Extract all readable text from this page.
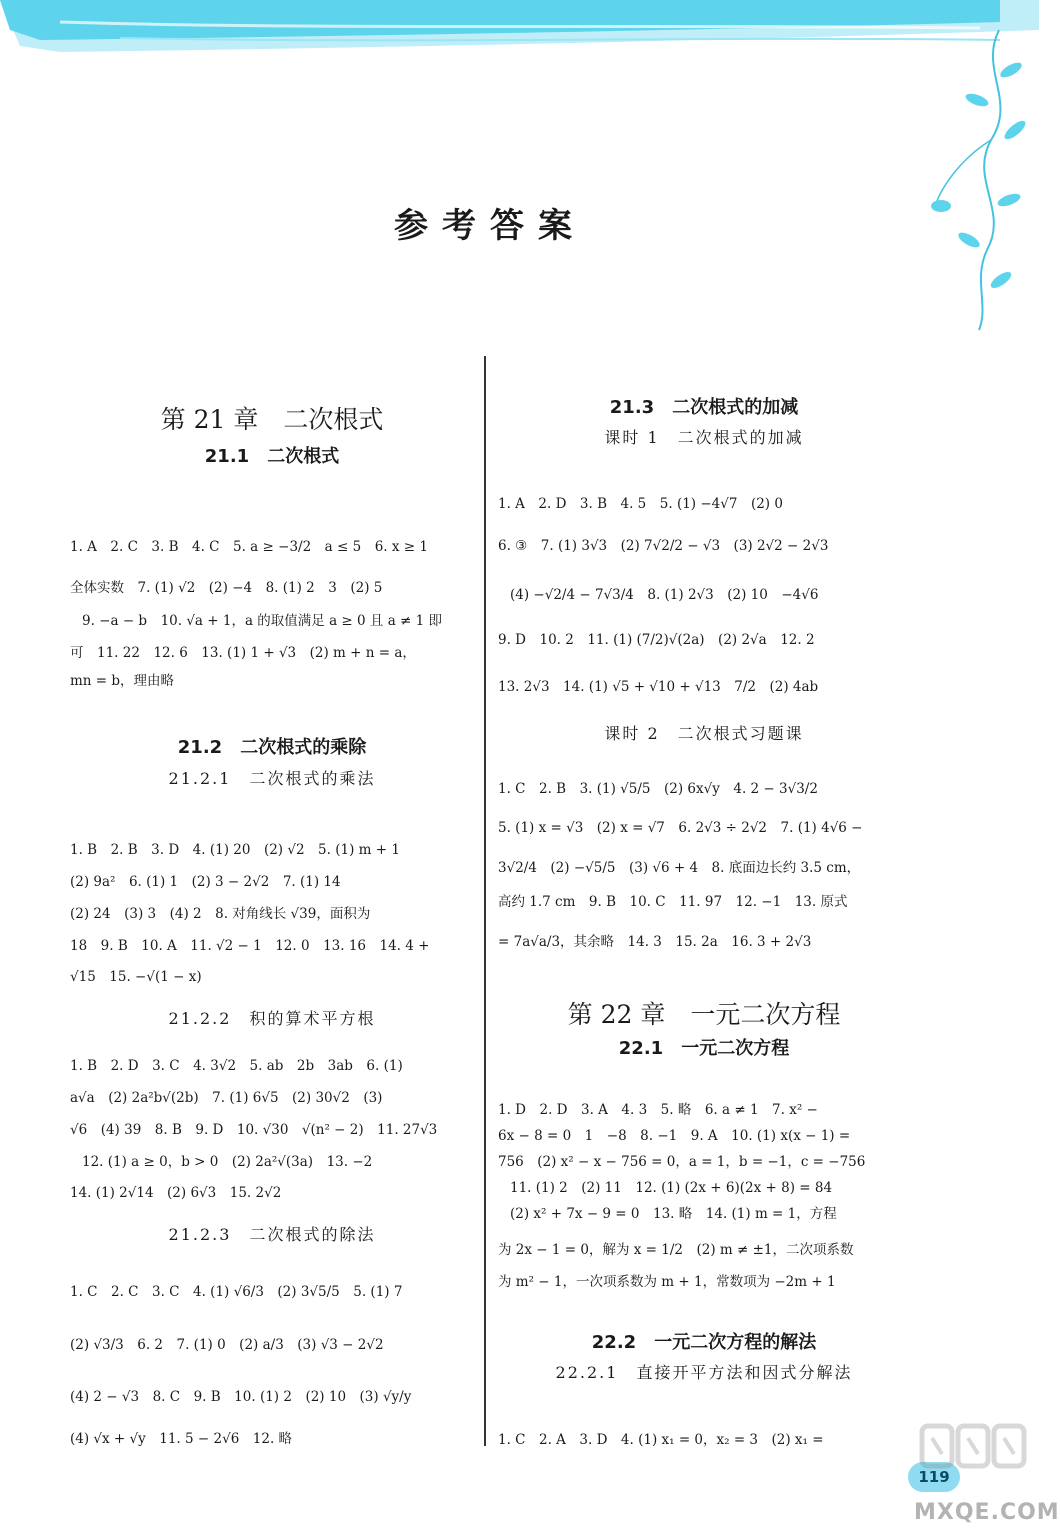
参考答案
第 21 章　二次根式
21.1　二次根式
1. A　2. C　3. B　4. C　5. a ≥ −3/2　a ≤ 5　6. x ≥ 1
全体实数　7. (1) √2　(2) −4　8. (1) 2　3　(2) 5
9. −a − b　10. √a + 1，a 的取值满足 a ≥ 0 且 a ≠ 1 即
可　11. 22　12. 6　13. (1) 1 + √3　(2) m + n = a，
mn = b，理由略
21.2　二次根式的乘除
21.2.1　二次根式的乘法
1. B　2. B　3. D　4. (1) 20　(2) √2　5. (1) m + 1
(2) 9a²　6. (1) 1　(2) 3 − 2√2　7. (1) 14
(2) 24　(3) 3　(4) 2　8. 对角线长 √39，面积为
18　9. B　10. A　11. √2 − 1　12. 0　13. 16　14. 4 +
√15　15. −√(1 − x)
21.2.2　积的算术平方根
1. B　2. D　3. C　4. 3√2　5. ab　2b　3ab　6. (1)
a√a　(2) 2a²b√(2b)　7. (1) 6√5　(2) 30√2　(3)
√6　(4) 39　8. B　9. D　10. √30　√(n² − 2)　11. 27√3
12. (1) a ≥ 0，b > 0　(2) 2a²√(3a)　13. −2
14. (1) 2√14　(2) 6√3　15. 2√2
21.2.3　二次根式的除法
1. C　2. C　3. C　4. (1) √6/3　(2) 3√5/5　5. (1) 7
(2) √3/3　6. 2　7. (1) 0　(2) a/3　(3) √3 − 2√2
(4) 2 − √3　8. C　9. B　10. (1) 2　(2) 10　(3) √y/y
(4) √x + √y　11. 5 − 2√6　12. 略
21.3　二次根式的加减
课时 1　二次根式的加减
1. A　2. D　3. B　4. 5　5. (1) −4√7　(2) 0
6. ③　7. (1) 3√3　(2) 7√2/2 − √3　(3) 2√2 − 2√3
(4) −√2/4 − 7√3/4　8. (1) 2√3　(2) 10　−4√6
9. D　10. 2　11. (1) (7/2)√(2a)　(2) 2√a　12. 2
13. 2√3　14. (1) √5 + √10 + √13　7/2　(2) 4ab
课时 2　二次根式习题课
1. C　2. B　3. (1) √5/5　(2) 6x√y　4. 2 − 3√3/2
5. (1) x = √3　(2) x = √7　6. 2√3 ÷ 2√2　7. (1) 4√6 −
3√2/4　(2) −√5/5　(3) √6 + 4　8. 底面边长约 3.5 cm，
高约 1.7 cm　9. B　10. C　11. 97　12. −1　13. 原式
= 7a√a/3，其余略　14. 3　15. 2a　16. 3 + 2√3
第 22 章　一元二次方程
22.1　一元二次方程
1. D　2. D　3. A　4. 3　5. 略　6. a ≠ 1　7. x² −
6x − 8 = 0　1　−8　8. −1　9. A　10. (1) x(x − 1) =
756　(2) x² − x − 756 = 0，a = 1，b = −1，c = −756
11. (1) 2　(2) 11　12. (1) (2x + 6)(2x + 8) = 84
(2) x² + 7x − 9 = 0　13. 略　14. (1) m = 1，方程
为 2x − 1 = 0，解为 x = 1/2　(2) m ≠ ±1，二次项系数
为 m² − 1，一次项系数为 m + 1，常数项为 −2m + 1
22.2　一元二次方程的解法
22.2.1　直接开平方法和因式分解法
1. C　2. A　3. D　4. (1) x₁ = 0，x₂ = 3　(2) x₁ =
119
MXQE.COM
